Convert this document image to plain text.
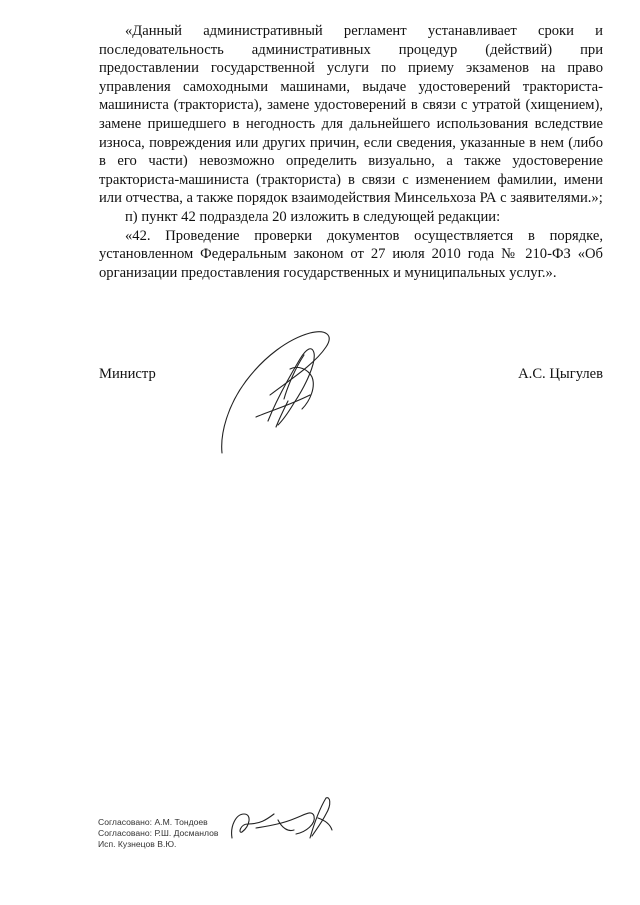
«Данный административный регламент устанавливает сроки и последовательность административных процедур (действий) при предоставлении государственной услуги по приему экзаменов на право управления самоходными машинами, выдаче удостоверений тракториста-машиниста (тракториста), замене удостоверений в связи с утратой (хищением), замене пришедшего в негодность для дальнейшего использования вследствие износа, повреждения или других причин, если сведения, указанные в нем (либо в его части) невозможно определить визуально, а также удостоверение тракториста-машиниста (тракториста) в связи с изменением фамилии, имени или отчества, а также порядок взаимодействия Минсельхоза РА с заявителями.»;

п) пункт 42 подраздела 20 изложить в следующей редакции:

«42. Проведение проверки документов осуществляется в порядке, установленном Федеральным законом от 27 июля 2010 года № 210-ФЗ «Об организации предоставления государственных и муниципальных услуг.».

Министр	А.С. Цыгулев

Согласовано: А.М. Тондоев

Согласовано: Р.Ш. Досманлов

Исп. Кузнецов В.Ю.
